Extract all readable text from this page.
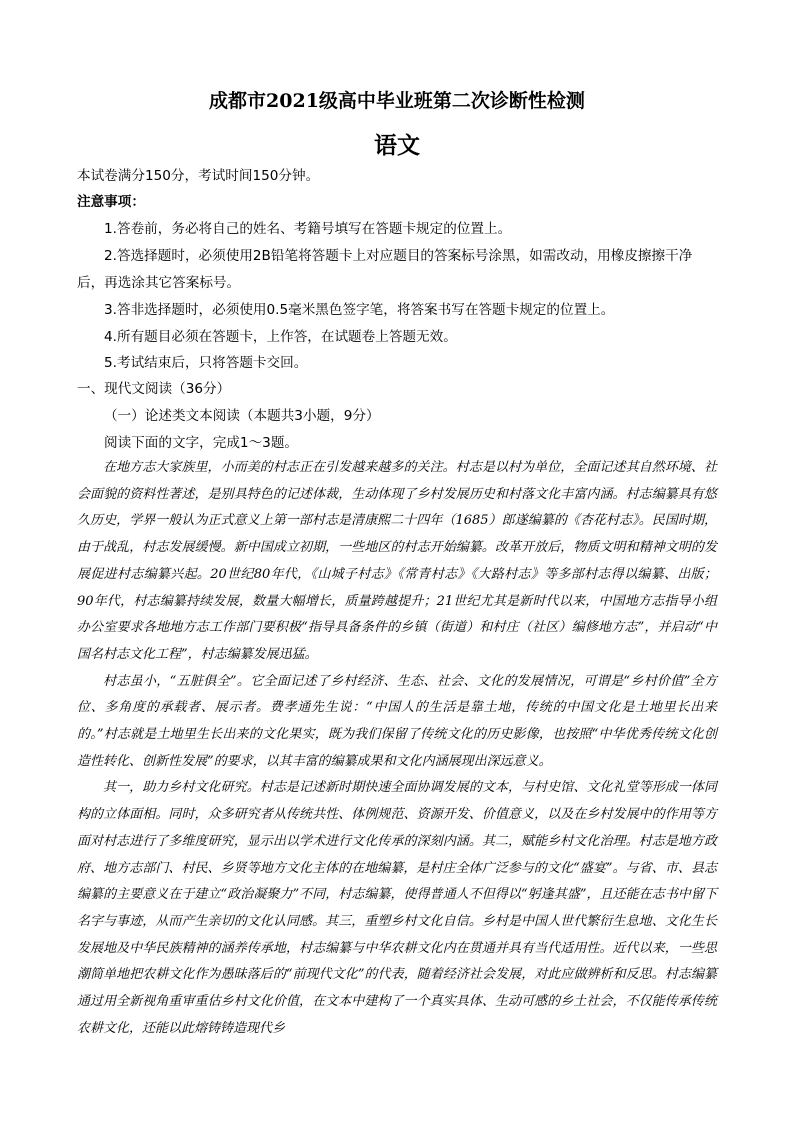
成都市2021级高中毕业班第二次诊断性检测
语文
本试卷满分150分，考试时间150分钟。
注意事项：
1.答卷前，务必将自己的姓名、考籍号填写在答题卡规定的位置上。
2.答选择题时，必须使用2B铅笔将答题卡上对应题目的答案标号涂黑，如需改动，用橡皮擦擦干净
后，再选涂其它答案标号。
3.答非选择题时，必须使用0.5毫米黑色签字笔，将答案书写在答题卡规定的位置上。
4.所有题目必须在答题卡，上作答，在试题卷上答题无效。
5.考试结束后，只将答题卡交回。
一、现代文阅读（36分）
（一）论述类文本阅读（本题共3小题，9分）
阅读下面的文字，完成1～3题。

在地方志大家族里，小而美的村志正在引发越来越多的关注。村志是以村为单位，全面记述其自然环境、社会面貌的资料性著述，是别具特色的记述体裁，生动体现了乡村发展历史和村落文化丰富内涵。村志编纂具有悠久历史，学界一般认为正式意义上第一部村志是清康熙二十四年（1685）郎遂编纂的《杏花村志》。民国时期，由于战乱，村志发展缓慢。新中国成立初期，一些地区的村志开始编纂。改革开放后，物质文明和精神文明的发展促进村志编纂兴起。20世纪80年代，《山城子村志》《常青村志》《大路村志》等多部村志得以编纂、出版；90年代，村志编纂持续发展，数量大幅增长，质量跨越提升；21世纪尤其是新时代以来，中国地方志指导小组办公室要求各地地方志工作部门要积极“指导具备条件的乡镇（街道）和村庄（社区）编修地方志”，并启动“中国名村志文化工程”，村志编纂发展迅猛。

村志虽小，“五脏俱全”。它全面记述了乡村经济、生态、社会、文化的发展情况，可谓是“乡村价值”全方位、多角度的承载者、展示者。费孝通先生说：“中国人的生活是靠土地，传统的中国文化是土地里长出来的。”村志就是土地里生长出来的文化果实，既为我们保留了传统文化的历史影像，也按照“中华优秀传统文化创造性转化、创新性发展”的要求，以其丰富的编纂成果和文化内涵展现出深远意义。

其一，助力乡村文化研究。村志是记述新时期快速全面协调发展的文本，与村史馆、文化礼堂等形成一体同构的立体面相。同时，众多研究者从传统共性、体例规范、资源开发、价值意义，以及在乡村发展中的作用等方面对村志进行了多维度研究，显示出以学术进行文化传承的深刻内涵。其二，赋能乡村文化治理。村志是地方政府、地方志部门、村民、乡贤等地方文化主体的在地编纂，是村庄全体广泛参与的文化“盛宴”。与省、市、县志编纂的主要意义在于建立“政治凝聚力”不同，村志编纂，使得普通人不但得以“躬逢其盛”，且还能在志书中留下名字与事迹，从而产生亲切的文化认同感。其三，重塑乡村文化自信。乡村是中国人世代繁衍生息地、文化生长发展地及中华民族精神的涵养传承地，村志编纂与中华农耕文化内在贯通并具有当代适用性。近代以来，一些思潮简单地把农耕文化作为愚昧落后的“前现代文化”的代表，随着经济社会发展，对此应做辨析和反思。村志编纂通过用全新视角重审重估乡村文化价值，在文本中建构了一个真实具体、生动可感的乡土社会，不仅能传承传统农耕文化，还能以此熔铸铸造现代乡
